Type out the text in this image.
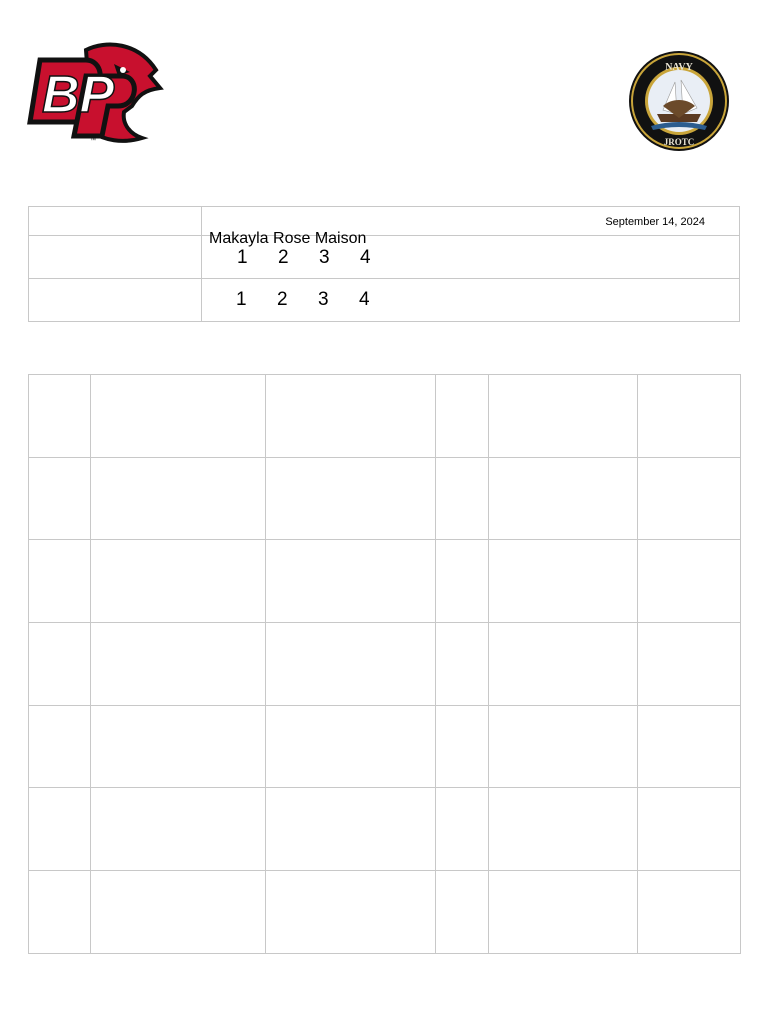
BP
™
NAVY
JROTC
September 14, 2024
Makayla Rose Maison
1	2	3	4
1	2	3	4
